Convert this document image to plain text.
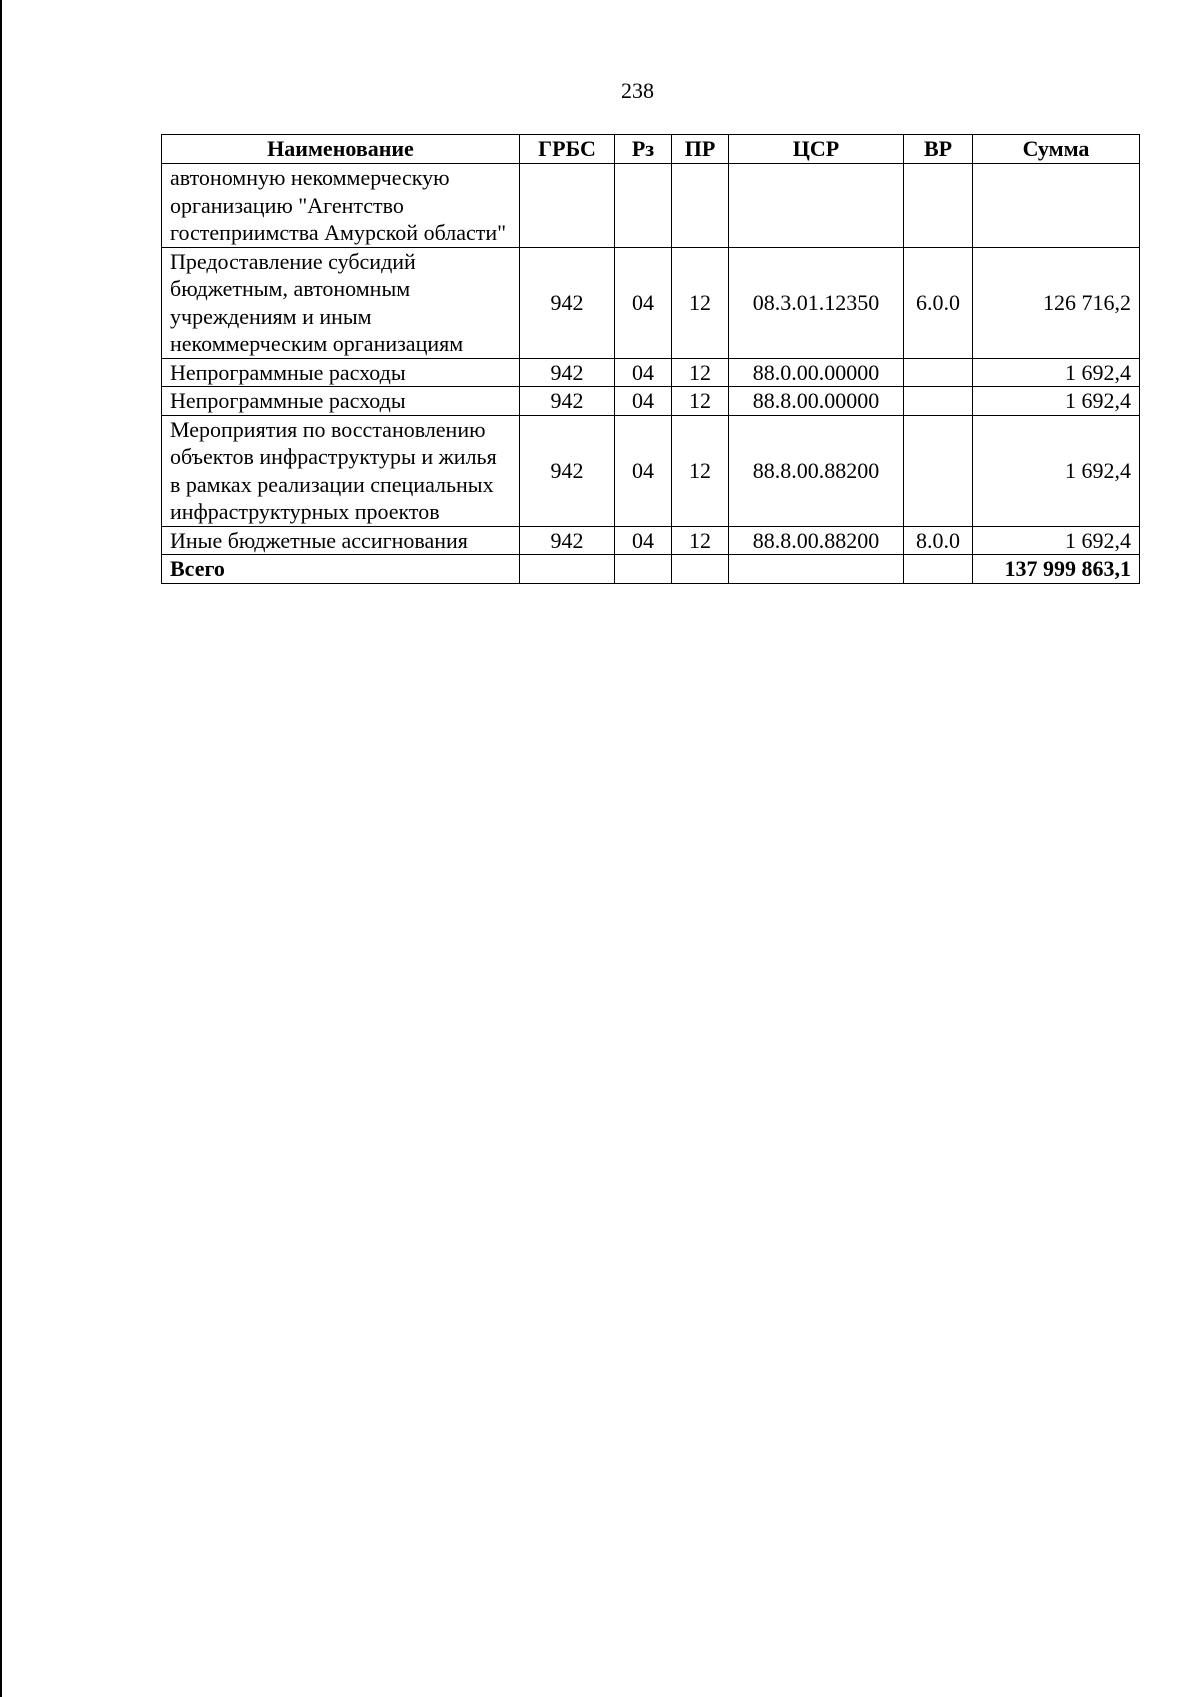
238
Наименование	ГРБС	Рз	ПР	ЦСР	ВР	Сумма
автономную некоммерческую организацию "Агентство гостеприимства Амурской области"						
Предоставление субсидий бюджетным, автономным учреждениям и иным некоммерческим организациям	942	04	12	08.3.01.12350	6.0.0	126 716,2
Непрограммные расходы	942	04	12	88.0.00.00000		1 692,4
Непрограммные расходы	942	04	12	88.8.00.00000		1 692,4
Мероприятия по восстановлению объектов инфраструктуры и жилья в рамках реализации специальных инфраструктурных проектов	942	04	12	88.8.00.88200		1 692,4
Иные бюджетные ассигнования	942	04	12	88.8.00.88200	8.0.0	1 692,4
Всего						137 999 863,1
